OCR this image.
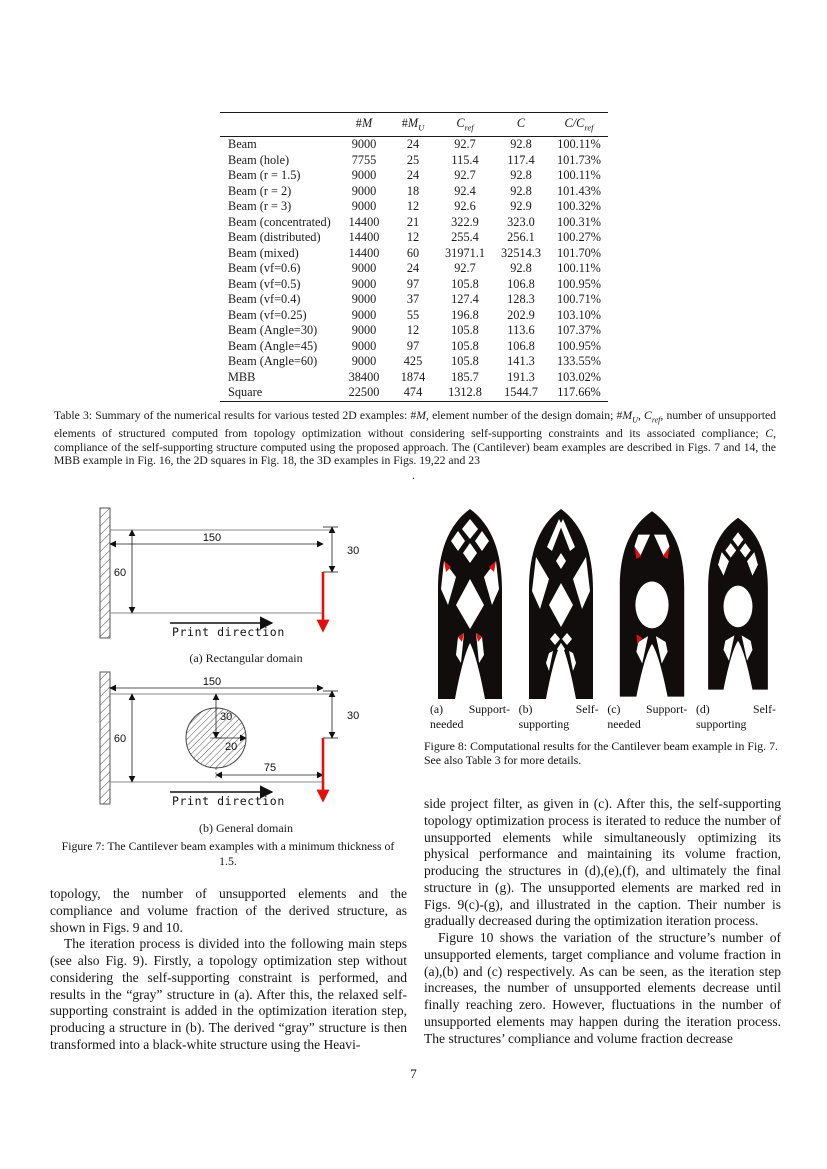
	#M	$\#M_U$	$C_{ref}$	C	$C/C_{ref}$
Beam	9000	24	92.7	92.8	100.11%
Beam (hole)	7755	25	115.4	117.4	101.73%
Beam (r = 1.5)	9000	24	92.7	92.8	100.11%
Beam (r = 2)	9000	18	92.4	92.8	101.43%
Beam (r = 3)	9000	12	92.6	92.9	100.32%
Beam (concentrated)	14400	21	322.9	323.0	100.31%
Beam (distributed)	14400	12	255.4	256.1	100.27%
Beam (mixed)	14400	60	31971.1	32514.3	101.70%
Beam (vf=0.6)	9000	24	92.7	92.8	100.11%
Beam (vf=0.5)	9000	97	105.8	106.8	100.95%
Beam (vf=0.4)	9000	37	127.4	128.3	100.71%
Beam (vf=0.25)	9000	55	196.8	202.9	103.10%
Beam (Angle=30)	9000	12	105.8	113.6	107.37%
Beam (Angle=45)	9000	97	105.8	106.8	100.95%
Beam (Angle=60)	9000	425	105.8	141.3	133.55%
MBB	38400	1874	185.7	191.3	103.02%
Square	22500	474	1312.8	1544.7	117.66%
Table 3: Summary of the numerical results for various tested 2D examples: #M, element number of the design domain; $\#M_U$, $C_{ref}$, number of unsupported elements of structured computed from topology optimization without considering self-supporting constraints and its associated compliance; C, compliance of the self-supporting structure computed using the proposed approach. The (Cantilever) beam examples are described in Figs. 7 and 14, the MBB example in Fig. 16, the 2D squares in Fig. 18, the 3D examples in Figs. 19,22 and 23
.
150
60
30
Print direction
(a) Rectangular domain
150
60
30
20
75
30
Print direction
(b) General domain
Figure 7: The Cantilever beam examples with a minimum thickness of 1.5.
(a) Support-
needed
(b)	Self-
supporting
(c) Support-
needed
(d)	Self-
supporting
Figure 8: Computational results for the Cantilever beam example in Fig. 7. See also Table 3 for more details.

topology, the number of unsupported elements and the compliance and volume fraction of the derived structure, as shown in Figs. 9 and 10.

The iteration process is divided into the following main steps (see also Fig. 9). Firstly, a topology optimization step without considering the self-supporting constraint is performed, and results in the “gray” structure in (a). After this, the relaxed self-supporting constraint is added in the optimization iteration step, producing a structure in (b). The derived “gray” structure is then transformed into a black-white structure using the Heavi-

side project filter, as given in (c). After this, the self-supporting topology optimization process is iterated to reduce the number of unsupported elements while simultaneously optimizing its physical performance and maintaining its volume fraction, producing the structures in (d),(e),(f), and ultimately the final structure in (g). The unsupported elements are marked red in Figs. 9(c)-(g), and illustrated in the caption. Their number is gradually decreased during the optimization iteration process.

Figure 10 shows the variation of the structure’s number of unsupported elements, target compliance and volume fraction in (a),(b) and (c) respectively. As can be seen, as the iteration step increases, the number of unsupported elements decrease until finally reaching zero. However, fluctuations in the number of unsupported elements may happen during the iteration process. The structures’ compliance and volume fraction decrease

7
